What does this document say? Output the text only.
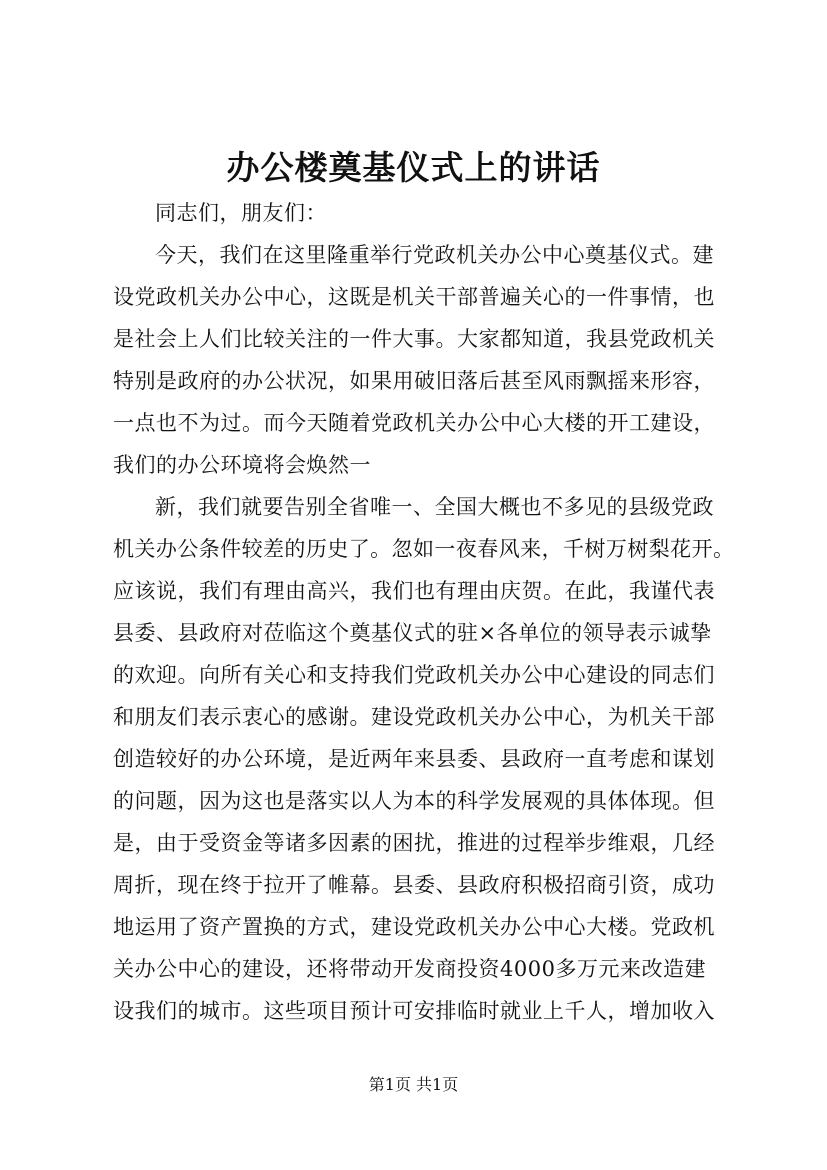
办公楼奠基仪式上的讲话
同志们，朋友们：
今天，我们在这里隆重举行党政机关办公中心奠基仪式。建
设党政机关办公中心，这既是机关干部普遍关心的一件事情，也
是社会上人们比较关注的一件大事。大家都知道，我县党政机关
特别是政府的办公状况，如果用破旧落后甚至风雨飘摇来形容，
一点也不为过。而今天随着党政机关办公中心大楼的开工建设，
我们的办公环境将会焕然一
新，我们就要告别全省唯一、全国大概也不多见的县级党政
机关办公条件较差的历史了。忽如一夜春风来，千树万树梨花开。
应该说，我们有理由高兴，我们也有理由庆贺。在此，我谨代表
县委、县政府对莅临这个奠基仪式的驻×各单位的领导表示诚挚
的欢迎。向所有关心和支持我们党政机关办公中心建设的同志们
和朋友们表示衷心的感谢。建设党政机关办公中心，为机关干部
创造较好的办公环境，是近两年来县委、县政府一直考虑和谋划
的问题，因为这也是落实以人为本的科学发展观的具体体现。但
是，由于受资金等诸多因素的困扰，推进的过程举步维艰，几经
周折，现在终于拉开了帷幕。县委、县政府积极招商引资，成功
地运用了资产置换的方式，建设党政机关办公中心大楼。党政机
关办公中心的建设，还将带动开发商投资4000多万元来改造建
设我们的城市。这些项目预计可安排临时就业上千人，增加收入
第1页 共1页
